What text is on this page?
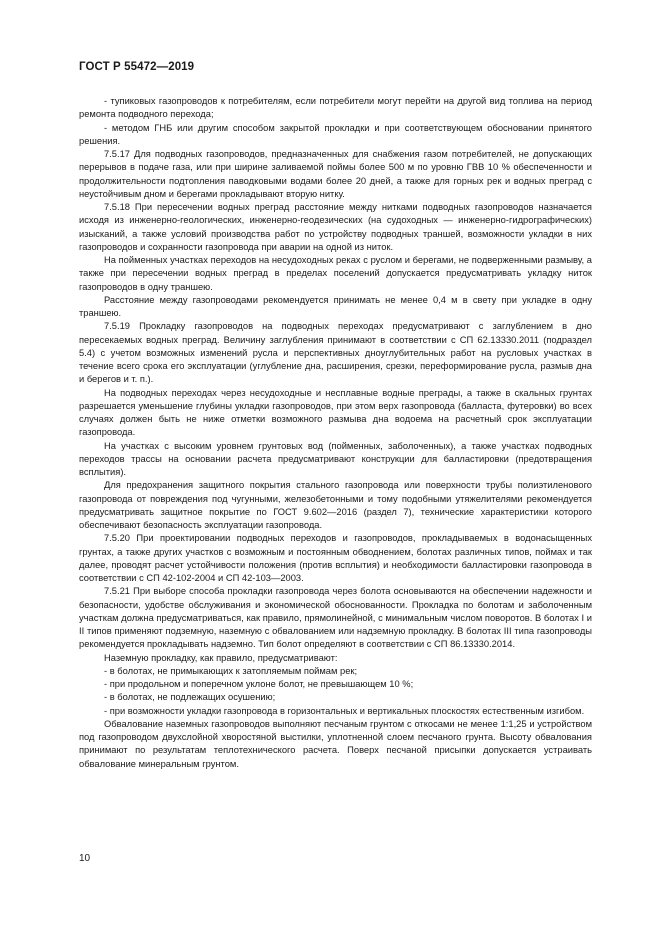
ГОСТ Р 55472—2019

- тупиковых газопроводов к потребителям, если потребители могут перейти на другой вид топлива на период ремонта подводного перехода;

- методом ГНБ или другим способом закрытой прокладки и при соответствующем обосновании принятого решения.

7.5.17 Для подводных газопроводов, предназначенных для снабжения газом потребителей, не допускающих перерывов в подаче газа, или при ширине заливаемой поймы более 500 м по уровню ГВВ 10 % обеспеченности и продолжительности подтопления паводковыми водами более 20 дней, а также для горных рек и водных преград с неустойчивым дном и берегами прокладывают вторую нитку.

7.5.18 При пересечении водных преград расстояние между нитками подводных газопроводов назначается исходя из инженерно-геологических, инженерно-геодезических (на судоходных — инженерно-гидрографических) изысканий, а также условий производства работ по устройству подводных траншей, возможности укладки в них газопроводов и сохранности газопровода при аварии на одной из ниток.

На пойменных участках переходов на несудоходных реках с руслом и берегами, не подверженными размыву, а также при пересечении водных преград в пределах поселений допускается предусматривать укладку ниток газопроводов в одну траншею.

Расстояние между газопроводами рекомендуется принимать не менее 0,4 м в свету при укладке в одну траншею.

7.5.19 Прокладку газопроводов на подводных переходах предусматривают с заглублением в дно пересекаемых водных преград. Величину заглубления принимают в соответствии с СП 62.13330.2011 (подраздел 5.4) с учетом возможных изменений русла и перспективных дноуглубительных работ на русловых участках в течение всего срока его эксплуатации (углубление дна, расширения, срезки, переформирование русла, размыв дна и берегов и т. п.).

На подводных переходах через несудоходные и несплавные водные преграды, а также в скальных грунтах разрешается уменьшение глубины укладки газопроводов, при этом верх газопровода (балласта, футеровки) во всех случаях должен быть не ниже отметки возможного размыва дна водоема на расчетный срок эксплуатации газопровода.

На участках с высоким уровнем грунтовых вод (пойменных, заболоченных), а также участках подводных переходов трассы на основании расчета предусматривают конструкции для балластировки (предотвращения всплытия).

Для предохранения защитного покрытия стального газопровода или поверхности трубы полиэтиленового газопровода от повреждения под чугунными, железобетонными и тому подобными утяжелителями рекомендуется предусматривать защитное покрытие по ГОСТ 9.602—2016 (раздел 7), технические характеристики которого обеспечивают безопасность эксплуатации газопровода.

7.5.20 При проектировании подводных переходов и газопроводов, прокладываемых в водонасыщенных грунтах, а также других участков с возможным и постоянным обводнением, болотах различных типов, поймах и так далее, проводят расчет устойчивости положения (против всплытия) и необходимости балластировки газопровода в соответствии с СП 42-102-2004 и СП 42-103—2003.

7.5.21 При выборе способа прокладки газопровода через болота основываются на обеспечении надежности и безопасности, удобстве обслуживания и экономической обоснованности. Прокладка по болотам и заболоченным участкам должна предусматриваться, как правило, прямолинейной, с минимальным числом поворотов. В болотах I и II типов применяют подземную, наземную с обвалованием или надземную прокладку. В болотах III типа газопроводы рекомендуется прокладывать надземно. Тип болот определяют в соответствии с СП 86.13330.2014.

Наземную прокладку, как правило, предусматривают:

- в болотах, не примыкающих к затопляемым поймам рек;

- при продольном и поперечном уклоне болот, не превышающем 10 %;

- в болотах, не подлежащих осушению;

- при возможности укладки газопровода в горизонтальных и вертикальных плоскостях естественным изгибом.

Обвалование наземных газопроводов выполняют песчаным грунтом с откосами не менее 1:1,25 и устройством под газопроводом двухслойной хворостяной выстилки, уплотненной слоем песчаного грунта. Высоту обвалования принимают по результатам теплотехнического расчета. Поверх песчаной присыпки допускается устраивать обвалование минеральным грунтом.

10
